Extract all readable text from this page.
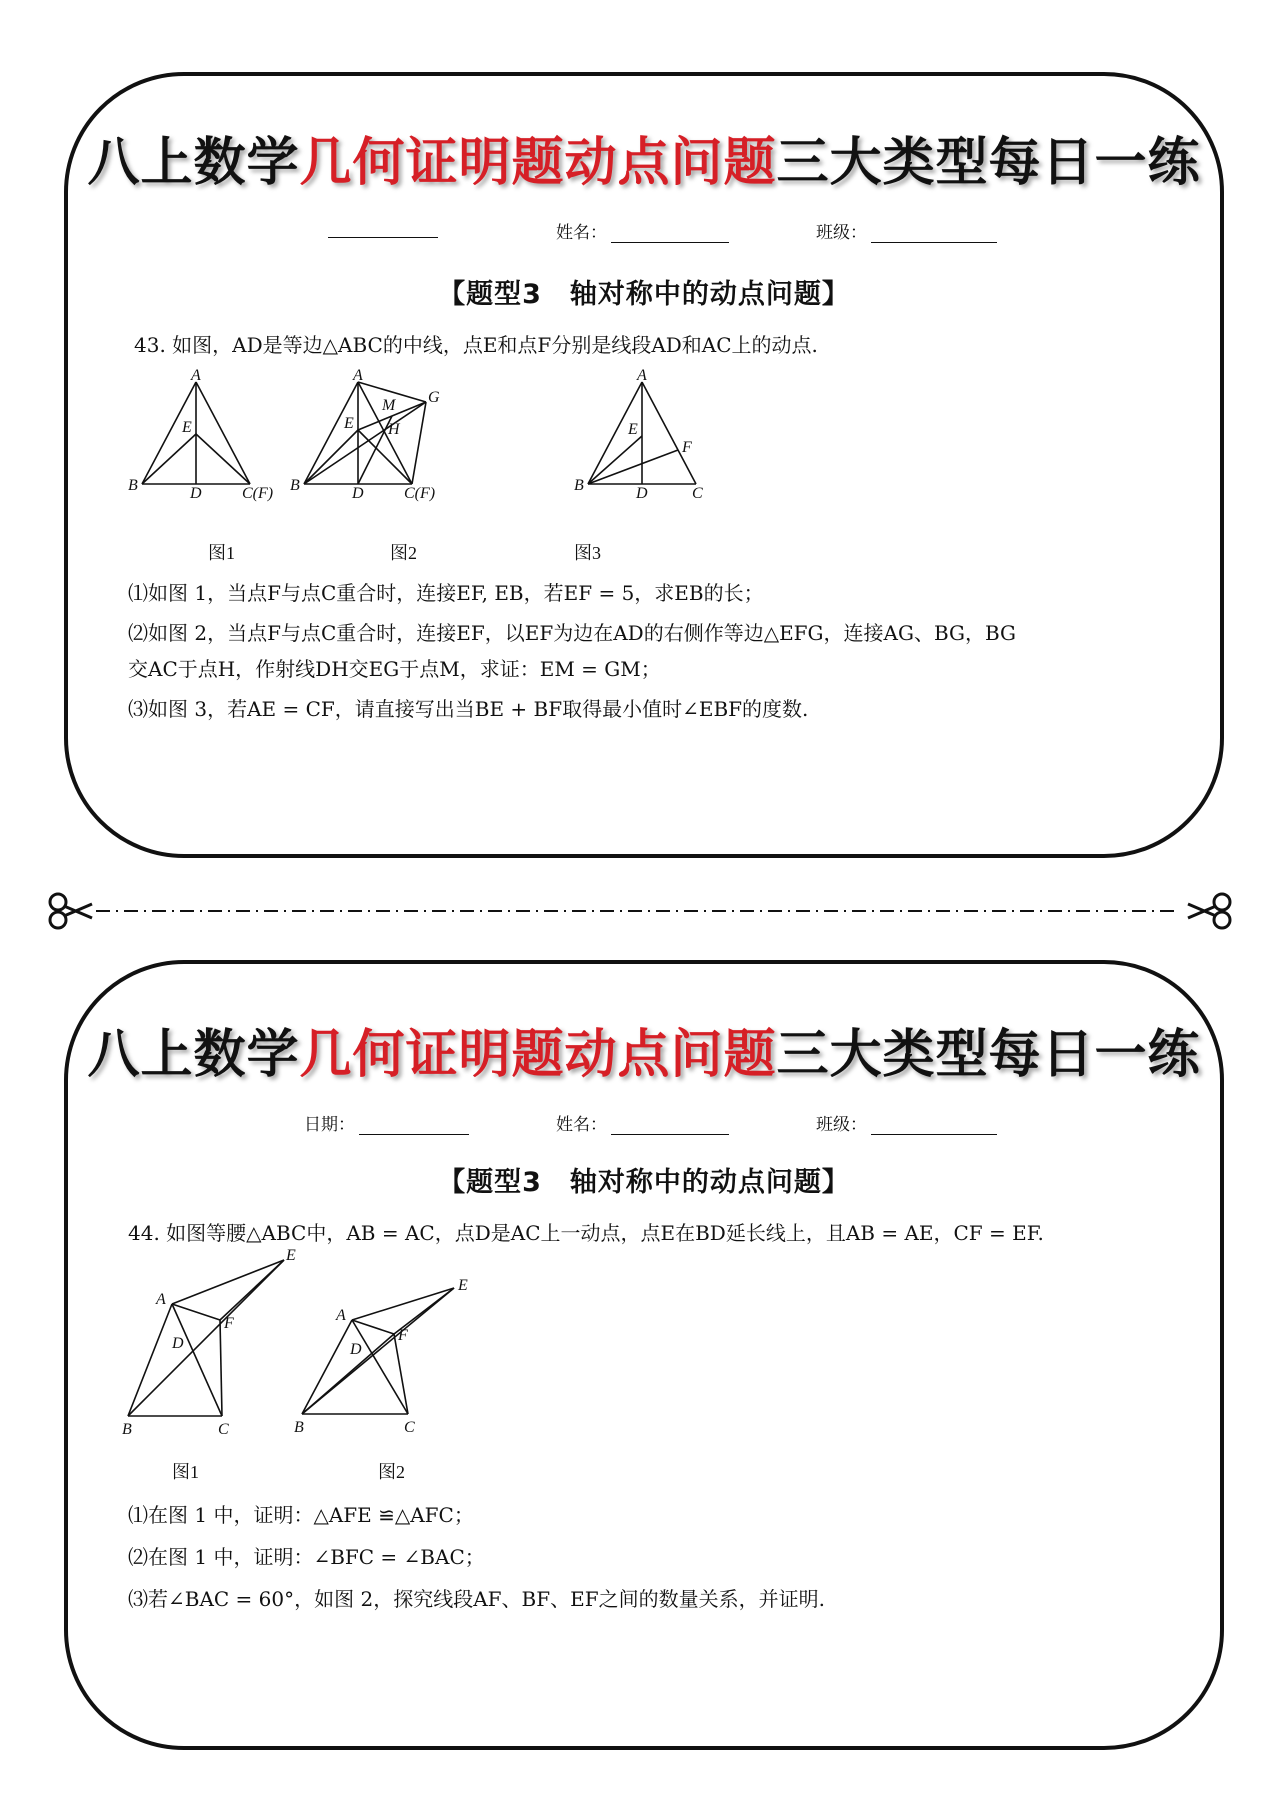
八上数学几何证明题动点问题三大类型每日一练
姓名：	班级：
【题型3　轴对称中的动点问题】
43. 如图，AD是等边△ABC的中线，点E和点F分别是线段AD和AC上的动点.
A
E
B	D	C(F)
A
G
M
E H
B	D	C(F)
A
E
F
B	D	C
图1	图2	图3
⑴如图 1，当点F与点C重合时，连接EF, EB，若EF = 5，求EB的长；
⑵如图 2，当点F与点C重合时，连接EF，以EF为边在AD的右侧作等边△EFG，连接AG、BG，BG
交AC于点H，作射线DH交EG于点M，求证：EM = GM；
⑶如图 3，若AE = CF，请直接写出当BE + BF取得最小值时∠EBF的度数.
八上数学几何证明题动点问题三大类型每日一练
日期：	姓名：	班级：
【题型3　轴对称中的动点问题】
44. 如图等腰△ABC中，AB = AC，点D是AC上一动点，点E在BD延长线上，且AB = AE，CF = EF.
A
E
F
D
B	C
A
E
F
D
B	C
图1	图2
⑴在图 1 中，证明：△AFE ≌△AFC；
⑵在图 1 中，证明：∠BFC = ∠BAC；
⑶若∠BAC = 60°，如图 2，探究线段AF、BF、EF之间的数量关系，并证明.
